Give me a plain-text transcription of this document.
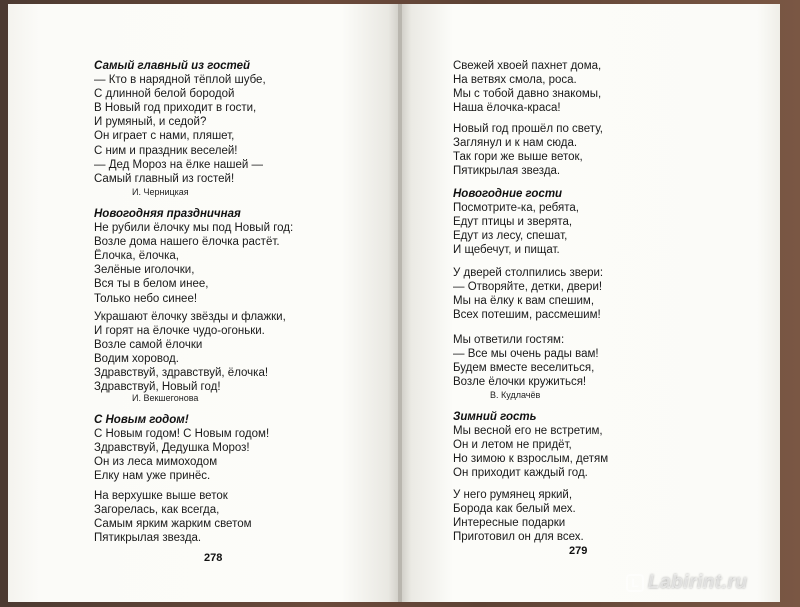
Самый главный из гостей
— Кто в нарядной тёплой шубе,
С длинной белой бородой
В Новый год приходит в гости,
И румяный, и седой?
Он играет с нами, пляшет,
С ним и праздник веселей!
— Дед Мороз на ёлке нашей —
Самый главный из гостей!
И. Черницкая
Новогодняя праздничная
Не рубили ёлочку мы под Новый год:
Возле дома нашего ёлочка растёт.
Ёлочка, ёлочка,
Зелёные иголочки,
Вся ты в белом инее,
Только небо синее!
Украшают ёлочку звёзды и флажки,
И горят на ёлочке чудо-огоньки.
Возле самой ёлочки
Водим хоровод.
Здравствуй, здравствуй, ёлочка!
Здравствуй, Новый год!
И. Векшегонова
С Новым годом!
С Новым годом! С Новым годом!
Здравствуй, Дедушка Мороз!
Он из леса мимоходом
Елку нам уже принёс.
На верхушке выше веток
Загорелась, как всегда,
Самым ярким жарким светом
Пятикрылая звезда.
278
Свежей хвоей пахнет дома,
На ветвях смола, роса.
Мы с тобой давно знакомы,
Наша ёлочка-краса!
Новый год прошёл по свету,
Заглянул и к нам сюда.
Так гори же выше веток,
Пятикрылая звезда.
Новогодние гости
Посмотрите-ка, ребята,
Едут птицы и зверята,
Едут из лесу, спешат,
И щебечут, и пищат.
У дверей столпились звери:
— Отворяйте, детки, двери!
Мы на ёлку к вам спешим,
Всех потешим, рассмешим!
Мы ответили гостям:
— Все мы очень рады вам!
Будем вместе веселиться,
Возле ёлочки кружиться!
В. Кудлачёв
Зимний гость
Мы весной его не встретим,
Он и летом не придёт,
Но зимою к взрослым, детям
Он приходит каждый год.
У него румянец яркий,
Борода как белый мех.
Интересные подарки
Приготовил он для всех.
279
L Labirint.ru
